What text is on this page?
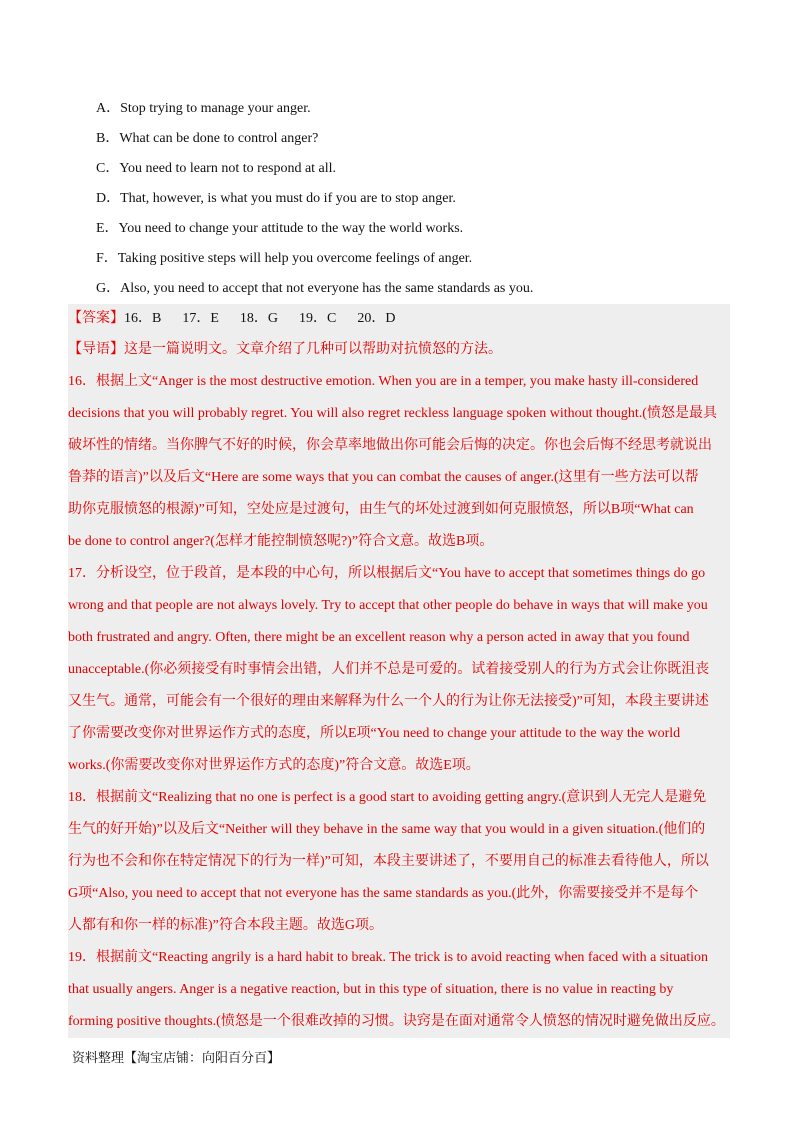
A．Stop trying to manage your anger.
B．What can be done to control anger?
C．You need to learn not to respond at all.
D．That, however, is what you must do if you are to stop anger.
E．You need to change your attitude to the way the world works.
F．Taking positive steps will help you overcome feelings of anger.
G．Also, you need to accept that not everyone has the same standards as you.
【答案】16．B      17．E      18．G      19．C      20．D
【导语】这是一篇说明文。文章介绍了几种可以帮助对抗愤怒的方法。
16．根据上文“Anger is the most destructive emotion. When you are in a temper, you make hasty ill-considered
decisions that you will probably regret. You will also regret reckless language spoken without thought.(愤怒是最具
破坏性的情绪。当你脾气不好的时候，你会草率地做出你可能会后悔的决定。你也会后悔不经思考就说出
鲁莽的语言)”以及后文“Here are some ways that you can combat the causes of anger.(这里有一些方法可以帮
助你克服愤怒的根源)”可知，空处应是过渡句，由生气的坏处过渡到如何克服愤怒，所以B项“What can
be done to control anger?(怎样才能控制愤怒呢?)”符合文意。故选B项。
17．分析设空，位于段首，是本段的中心句，所以根据后文“You have to accept that sometimes things do go
wrong and that people are not always lovely. Try to accept that other people do behave in ways that will make you
both frustrated and angry. Often, there might be an excellent reason why a person acted in away that you found
unacceptable.(你必须接受有时事情会出错，人们并不总是可爱的。试着接受别人的行为方式会让你既沮丧
又生气。通常，可能会有一个很好的理由来解释为什么一个人的行为让你无法接受)”可知，本段主要讲述
了你需要改变你对世界运作方式的态度，所以E项“You need to change your attitude to the way the world
works.(你需要改变你对世界运作方式的态度)”符合文意。故选E项。
18．根据前文“Realizing that no one is perfect is a good start to avoiding getting angry.(意识到人无完人是避免
生气的好开始)”以及后文“Neither will they behave in the same way that you would in a given situation.(他们的
行为也不会和你在特定情况下的行为一样)”可知，本段主要讲述了，不要用自己的标准去看待他人，所以
G项“Also, you need to accept that not everyone has the same standards as you.(此外，你需要接受并不是每个
人都有和你一样的标准)”符合本段主题。故选G项。
19．根据前文“Reacting angrily is a hard habit to break. The trick is to avoid reacting when faced with a situation
that usually angers. Anger is a negative reaction, but in this type of situation, there is no value in reacting by
forming positive thoughts.(愤怒是一个很难改掉的习惯。诀窍是在面对通常令人愤怒的情况时避免做出反应。
资料整理【淘宝店铺：向阳百分百】
